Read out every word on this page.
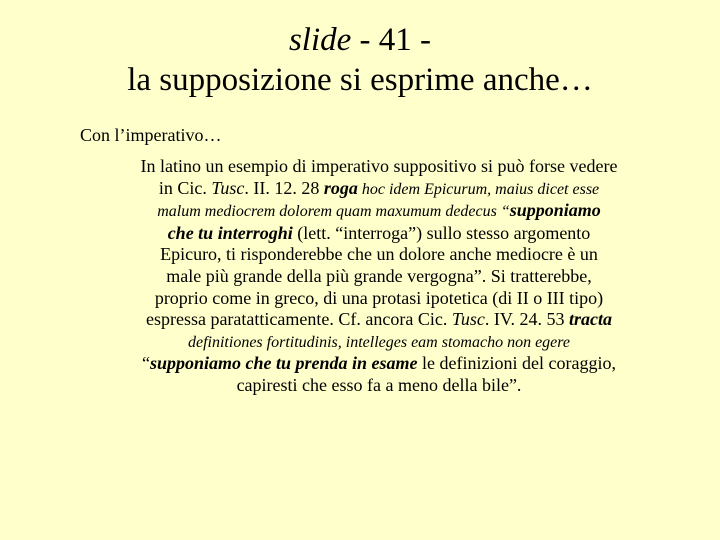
slide - 41 -
la supposizione si esprime anche…
Con l’imperativo…
In latino un esempio di imperativo suppositivo si può forse vedere
in Cic. Tusc. II. 12. 28 roga hoc idem Epicurum, maius dicet esse
malum mediocrem dolorem quam maxumum dedecus “supponiamo
che tu interroghi (lett. “interroga”) sullo stesso argomento
Epicuro, ti risponderebbe che un dolore anche mediocre è un
male più grande della più grande vergogna”. Si tratterebbe,
proprio come in greco, di una protasi ipotetica (di II o III tipo)
espressa paratatticamente. Cf. ancora Cic. Tusc. IV. 24. 53 tracta
definitiones fortitudinis, intelleges eam stomacho non egere
“supponiamo che tu prenda in esame le definizioni del coraggio,
capiresti che esso fa a meno della bile”.
